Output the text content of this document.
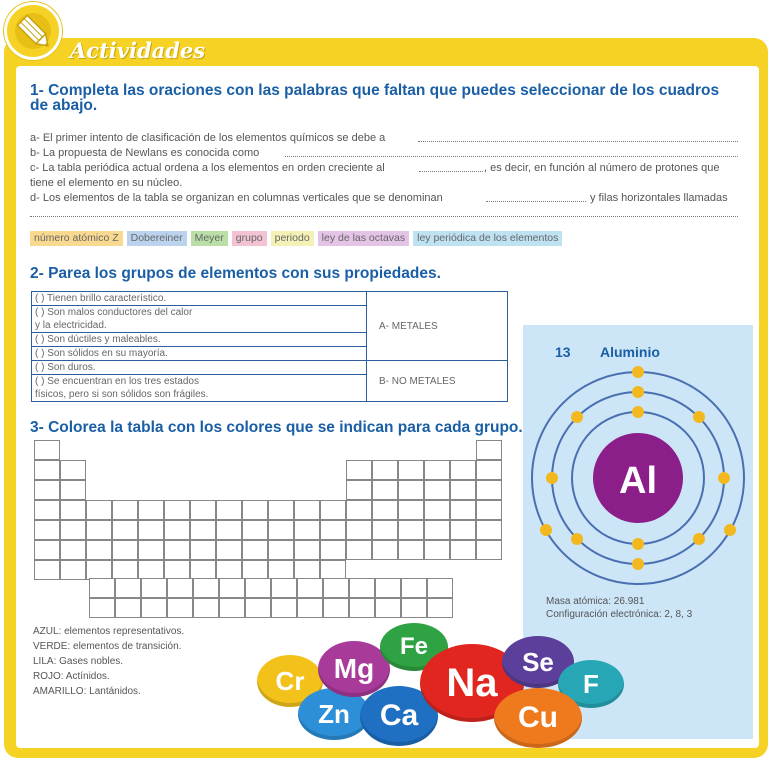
Actividades
1- Completa las oraciones con las palabras que faltan que puedes seleccionar de los cuadros
de abajo.
a- El primer intento de clasificación de los elementos químicos se debe a
b- La propuesta de Newlans es conocida como
c- La tabla periódica actual ordena a los elementos en orden creciente al	, es decir, en función al número de protones que
tiene el elemento en su núcleo.
d- Los elementos de la tabla se organizan en columnas verticales que se denominan	y filas horizontales llamadas
número atómico Z	Dobereiner	Meyer	grupo	periodo	ley de las octavas	ley periódica de los elementos
2- Parea los grupos de elementos con sus propiedades.
( ) Tienen brillo característico.	A- METALES

( ) Son malos conductores del calor
y la electricidad.	

( ) Son dúctiles y maleables.	
( ) Son sólidos en su mayoría.	
( ) Son duros.	B- NO METALES

( ) Se encuentran en los tres estados
físicos, pero si son sólidos son frágiles.	
3- Colorea la tabla con los colores que se indican para cada grupo.
AZUL: elementos representativos.
VERDE: elementos de transición.
LILA: Gases nobles.
ROJO: Actínidos.
AMARILLO: Lantánidos.
13 Aluminio
Al
Masa atómica: 26.981
Configuración electrónica: 2, 8, 3
Cr
Zn
Mg
Fe
Ca
Na Se
F
Cu
